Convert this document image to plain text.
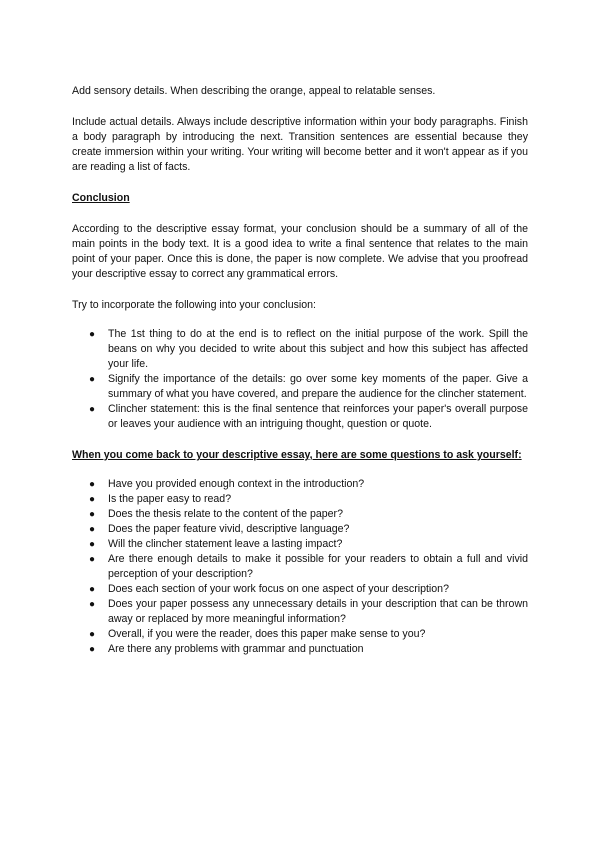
Add sensory details. When describing the orange, appeal to relatable senses.

Include actual details. Always include descriptive information within your body paragraphs. Finish a body paragraph by introducing the next. Transition sentences are essential because they create immersion within your writing. Your writing will become better and it won't appear as if you are reading a list of facts.

Conclusion

According to the descriptive essay format, your conclusion should be a summary of all of the main points in the body text. It is a good idea to write a final sentence that relates to the main point of your paper. Once this is done, the paper is now complete. We advise that you proofread your descriptive essay to correct any grammatical errors.

Try to incorporate the following into your conclusion:

● The 1st thing to do at the end is to reflect on the initial purpose of the work. Spill the beans on why you decided to write about this subject and how this subject has affected your life.
● Signify the importance of the details: go over some key moments of the paper. Give a summary of what you have covered, and prepare the audience for the clincher statement.
● Clincher statement: this is the final sentence that reinforces your paper's overall purpose or leaves your audience with an intriguing thought, question or quote.

When you come back to your descriptive essay, here are some questions to ask yourself:

● Have you provided enough context in the introduction?
● Is the paper easy to read?
● Does the thesis relate to the content of the paper?
● Does the paper feature vivid, descriptive language?
● Will the clincher statement leave a lasting impact?
● Are there enough details to make it possible for your readers to obtain a full and vivid perception of your description?
● Does each section of your work focus on one aspect of your description?
● Does your paper possess any unnecessary details in your description that can be thrown away or replaced by more meaningful information?
● Overall, if you were the reader, does this paper make sense to you?
● Are there any problems with grammar and punctuation
